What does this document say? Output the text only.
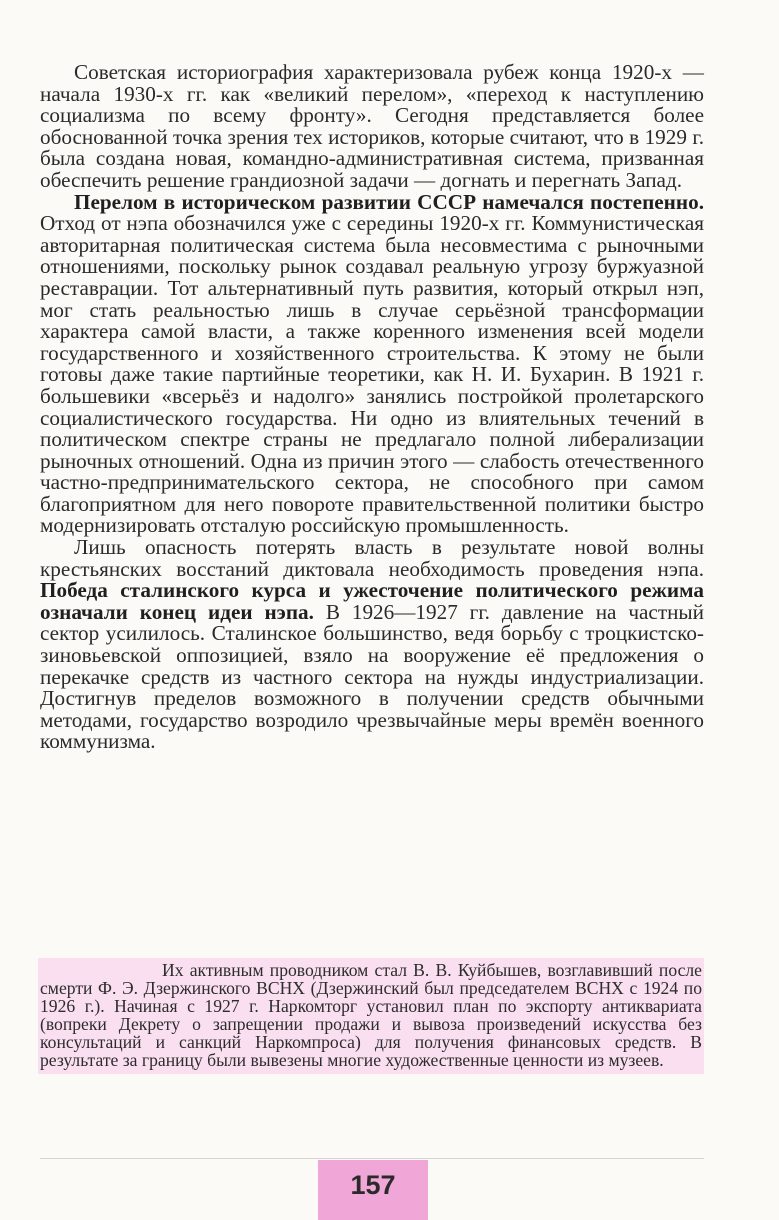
Советская историография характеризовала рубеж конца 1920-х — начала 1930-х гг. как «великий перелом», «переход к наступлению социализма по всему фронту». Сегодня представляется более обоснованной точка зрения тех историков, которые считают, что в 1929 г. была создана новая, командно-административная система, призванная обеспечить решение грандиозной задачи — догнать и перегнать Запад.

Перелом в историческом развитии СССР намечался постепенно. Отход от нэпа обозначился уже с середины 1920-х гг. Коммунистическая авторитарная политическая система была несовместима с рыночными отношениями, поскольку рынок создавал реальную угрозу буржуазной реставрации. Тот альтернативный путь развития, который открыл нэп, мог стать реальностью лишь в случае серьёзной трансформации характера самой власти, а также коренного изменения всей модели государственного и хозяйственного строительства. К этому не были готовы даже такие партийные теоретики, как Н. И. Бухарин. В 1921 г. большевики «всерьёз и надолго» занялись постройкой пролетарского социалистического государства. Ни одно из влиятельных течений в политическом спектре страны не предлагало полной либерализации рыночных отношений. Одна из причин этого — слабость отечественного частно-предпринимательского сектора, не способного при самом благоприятном для него повороте правительственной политики быстро модернизировать отсталую российскую промышленность.

Лишь опасность потерять власть в результате новой волны крестьянских восстаний диктовала необходимость проведения нэпа. Победа сталинского курса и ужесточение политического режима означали конец идеи нэпа. В 1926—1927 гг. давление на частный сектор усилилось. Сталинское большинство, ведя борьбу с троцкистско-зиновьевской оппозицией, взяло на вооружение её предложения о перекачке средств из частного сектора на нужды индустриализации. Достигнув пределов возможного в получении средств обычными методами, государство возродило чрезвычайные меры времён военного коммунизма.

Их активным проводником стал В. В. Куйбышев, возглавивший после смерти Ф. Э. Дзержинского ВСНХ (Дзержинский был председателем ВСНХ с 1924 по 1926 г.). Начиная с 1927 г. Наркомторг установил план по экспорту антиквариата (вопреки Декрету о запрещении продажи и вывоза произведений искусства без консультаций и санкций Наркомпроса) для получения финансовых средств. В результате за границу были вывезены многие художественные ценности из музеев.

157
